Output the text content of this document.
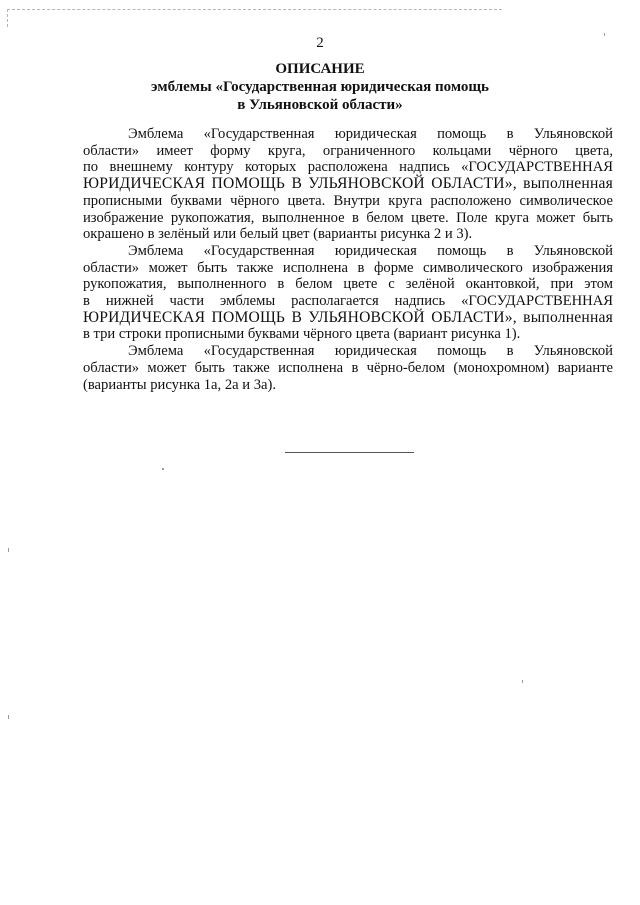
2
ОПИСАНИЕ
эмблемы «Государственная юридическая помощь
в Ульяновской области»
Эмблема «Государственная юридическая помощь в Ульяновской
области» имеет форму круга, ограниченного кольцами чёрного цвета,
по внешнему контуру которых расположена надпись «ГОСУДАРСТВЕННАЯ
ЮРИДИЧЕСКАЯ ПОМОЩЬ В УЛЬЯНОВСКОЙ ОБЛАСТИ», выполненная
прописными буквами чёрного цвета. Внутри круга расположено символическое
изображение рукопожатия, выполненное в белом цвете. Поле круга может быть
окрашено в зелёный или белый цвет (варианты рисунка 2 и 3).
Эмблема «Государственная юридическая помощь в Ульяновской
области» может быть также исполнена в форме символического изображения
рукопожатия, выполненного в белом цвете с зелёной окантовкой, при этом
в нижней части эмблемы располагается надпись «ГОСУДАРСТВЕННАЯ
ЮРИДИЧЕСКАЯ ПОМОЩЬ В УЛЬЯНОВСКОЙ ОБЛАСТИ», выполненная
в три строки прописными буквами чёрного цвета (вариант рисунка 1).
Эмблема «Государственная юридическая помощь в Ульяновской
области» может быть также исполнена в чёрно-белом (монохромном) варианте
(варианты рисунка 1а, 2а и 3а).
